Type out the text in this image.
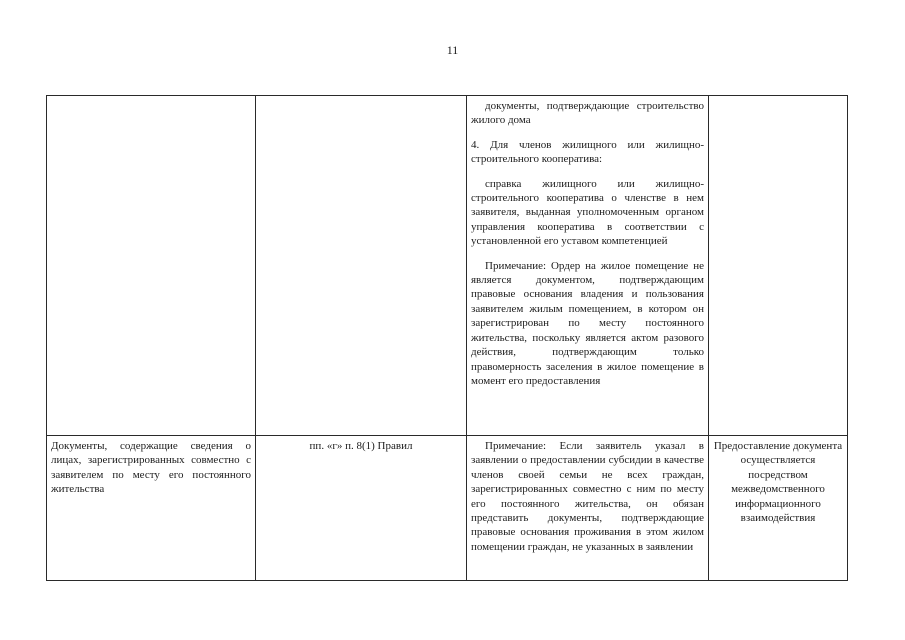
11

		документы, подтверждающие строительство жилого дома

4. Для членов жилищного или жилищно-строительного кооператива:

справка жилищного или жилищно-строительного кооператива о членстве в нем заявителя, выданная уполномоченным органом управления кооператива в соответствии с установленной его уставом компетенцией

Примечание: Ордер на жилое помещение не является документом, подтверждающим правовые основания владения и пользования заявителем жилым помещением, в котором он зарегистрирован по месту постоянного жительства, поскольку является актом разового действия, подтверждающим только правомерность заселения в жилое помещение в момент его предоставления	

Документы, содержащие сведения о лицах, зарегистрированных совместно с заявителем по месту его постоянного жительства	пп. «г» п. 8(1) Правил	Примечание: Если заявитель указал в заявлении о предоставлении субсидии в качестве членов своей семьи не всех граждан, зарегистрированных совместно с ним по месту его постоянного жительства, он обязан представить документы, подтверждающие правовые основания проживания в этом жилом помещении граждан, не указанных в заявлении	Предоставление документа осуществляется посредством межведомственного информационного взаимодействия
